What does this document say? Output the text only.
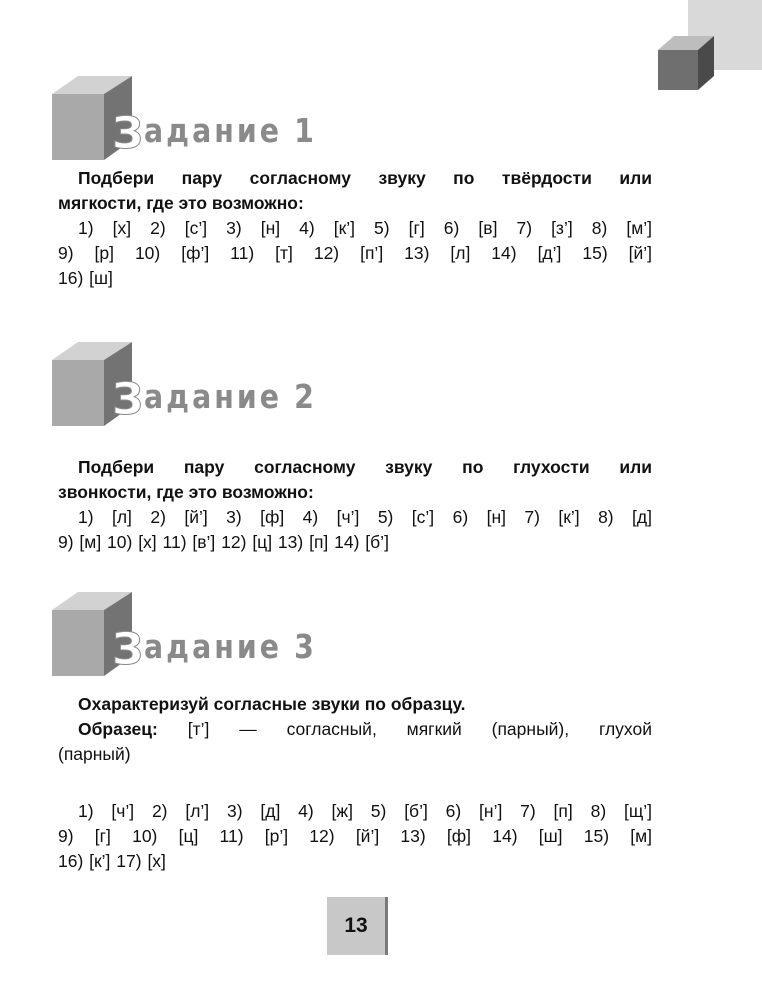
З адание 1
Подбери пару согласному звуку по твёрдости или
мягкости, где это возможно:
1) [х] 2) [с’] 3) [н] 4) [к’] 5) [г] 6) [в] 7) [з’] 8) [м’]
9) [р] 10) [ф’] 11) [т] 12) [п’] 13) [л] 14) [д’] 15) [й’]
16) [ш]
З адание 2
Подбери пару согласному звуку по глухости или
звонкости, где это возможно:
1) [л] 2) [й’] 3) [ф] 4) [ч’] 5) [с’] 6) [н] 7) [к’] 8) [д]
9) [м] 10) [х] 11) [в’] 12) [ц] 13) [п] 14) [б’]
З адание 3
Охарактеризуй согласные звуки по образцу.
Образец: [т’] — согласный, мягкий (парный), глухой
(парный)
1) [ч’] 2) [л’] 3) [д] 4) [ж] 5) [б’] 6) [н’] 7) [п] 8) [щ’]
9) [г] 10) [ц] 11) [р’] 12) [й’] 13) [ф] 14) [ш] 15) [м]
16) [к’] 17) [х]
13
